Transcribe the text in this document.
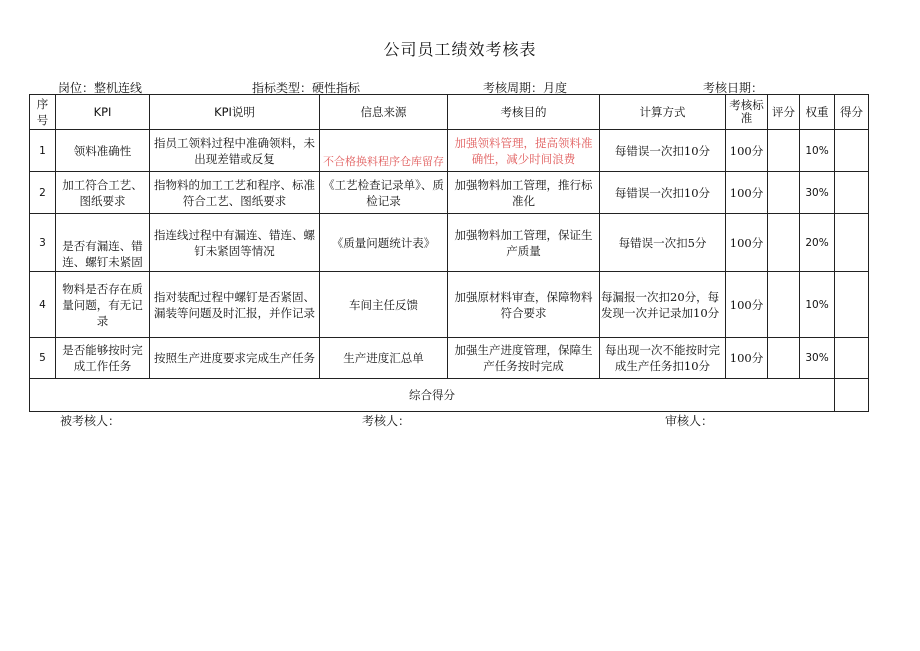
公司员工绩效考核表
岗位：整机连线	指标类型：硬性指标	考核周期：月度	考核日期：
序号	KPI	KPI说明	信息来源	考核目的	计算方式	考核标准	评分	权重	得分
1	领料准确性	指员工领料过程中准确领料，未出现差错或反复	不合格换料程序仓库留存	加强领料管理，提高领料准确性，减少时间浪费	每错误一次扣10分	100分		10%	
2	加工符合工艺、图纸要求	指物料的加工工艺和程序、标准符合工艺、图纸要求	《工艺检查记录单》、质检记录	加强物料加工管理，推行标准化	每错误一次扣10分	100分		30%	
3	是否有漏连、错连、螺钉未紧固	指连线过程中有漏连、错连、螺钉未紧固等情况	《质量问题统计表》	加强物料加工管理，保证生产质量	每错误一次扣5分	100分		20%	
4	物料是否存在质量问题，有无记录	指对装配过程中螺钉是否紧固、漏装等问题及时汇报，并作记录	车间主任反馈	加强原材料审查，保障物料符合要求	每漏报一次扣20分，每发现一次并记录加10分	100分		10%	
5	是否能够按时完成工作任务	按照生产进度要求完成生产任务	生产进度汇总单	加强生产进度管理，保障生产任务按时完成	每出现一次不能按时完成生产任务扣10分	100分		30%	
综合得分									
被考核人：	考核人：	审核人：
